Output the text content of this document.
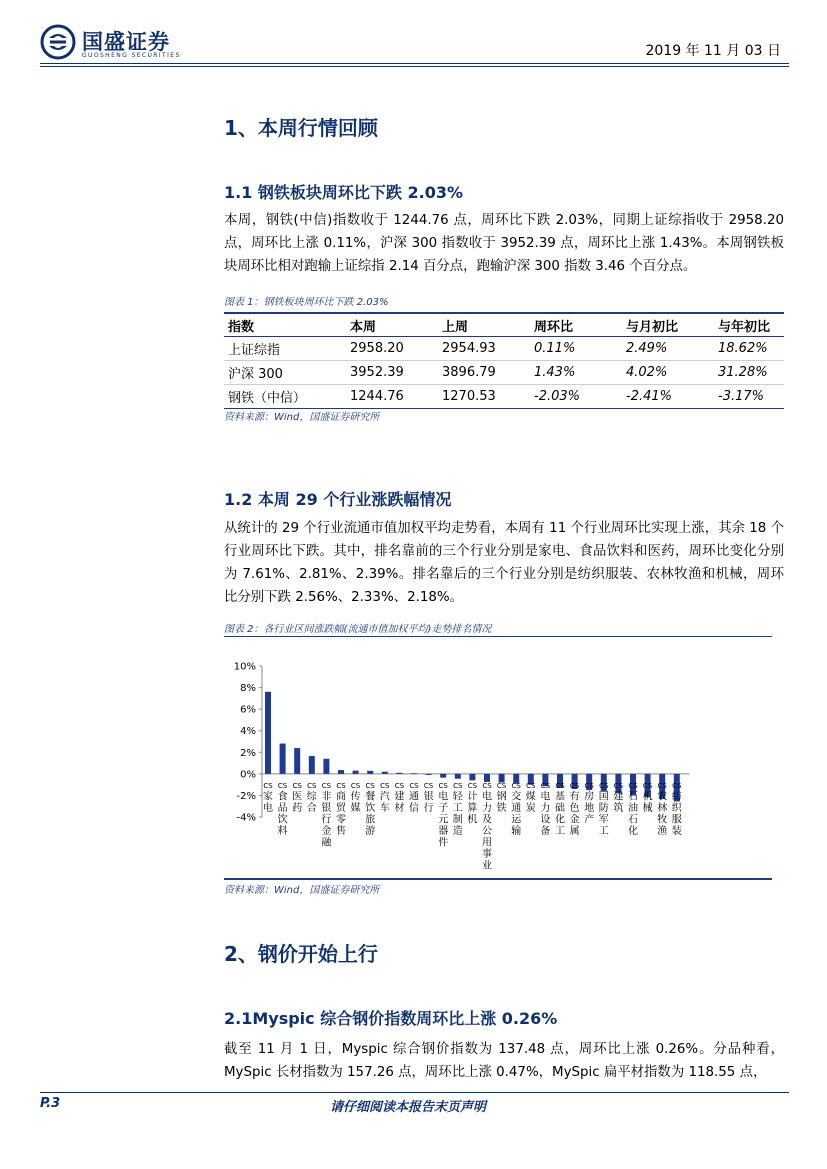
国盛证券
GUOSHENG SECURITIES	2019 年 11 月 03 日
1、本周行情回顾
1.1 钢铁板块周环比下跌 2.03%
本周，钢铁(中信)指数收于 1244.76 点，周环比下跌 2.03%，同期上证综指收于 2958.20 点，周环比上涨 0.11%，沪深 300 指数收于 3952.39 点，周环比上涨 1.43%。本周钢铁板块周环比相对跑输上证综指 2.14 百分点，跑输沪深 300 指数 3.46 个百分点。
图表 1：钢铁板块周环比下跌 2.03%
指数	本周	上周	周环比	与月初比	与年初比
上证综指	2958.20	2954.93	0.11%	2.49%	18.62%
沪深 300	3952.39	3896.79	1.43%	4.02%	31.28%
钢铁（中信）	1244.76	1270.53	-2.03%	-2.41%	-3.17%
资料来源：Wind，国盛证券研究所
1.2 本周 29 个行业涨跌幅情况
从统计的 29 个行业流通市值加权平均走势看，本周有 11 个行业周环比实现上涨，其余 18 个行业周环比下跌。其中，排名靠前的三个行业分别是家电、食品饮料和医药，周环比变化分别为 7.61%、2.81%、2.39%。排名靠后的三个行业分别是纺织服装、农林牧渔和机械，周环比分别下跌 2.56%、2.33%、2.18%。
图表 2：各行业区间涨跌幅(流通市值加权平均)走势排名情况
10%
8%
6%
4%
2%
0%
-2%
-4%
CS 家电
CS 食品饮料
CS 医药
CS 综合
CS 非银行金融
CS 商贸零售
CS 传媒
CS 餐饮旅游
CS 汽车
CS 建材
CS 通信
CS 银行
CS 电子元器件
CS 轻工制造
CS 计算机
CS 电力及公用事业
CS 钢铁
CS 交通运输
CS 煤炭
CS 电力设备
CS 基础化工
CS 有色金属
CS 房地产
CS 国防军工
CS 建筑
CS 石油石化
CS 机械
CS 农林牧渔
CS 纺织服装
资料来源：Wind，国盛证券研究所
2、钢价开始上行
2.1Myspic 综合钢价指数周环比上涨 0.26%
截至 11 月 1 日，Myspic 综合钢价指数为 137.48 点，周环比上涨 0.26%。分品种看，MySpic 长材指数为 157.26 点，周环比上涨 0.47%，MySpic 扁平材指数为 118.55 点，
P.3	请仔细阅读本报告末页声明
